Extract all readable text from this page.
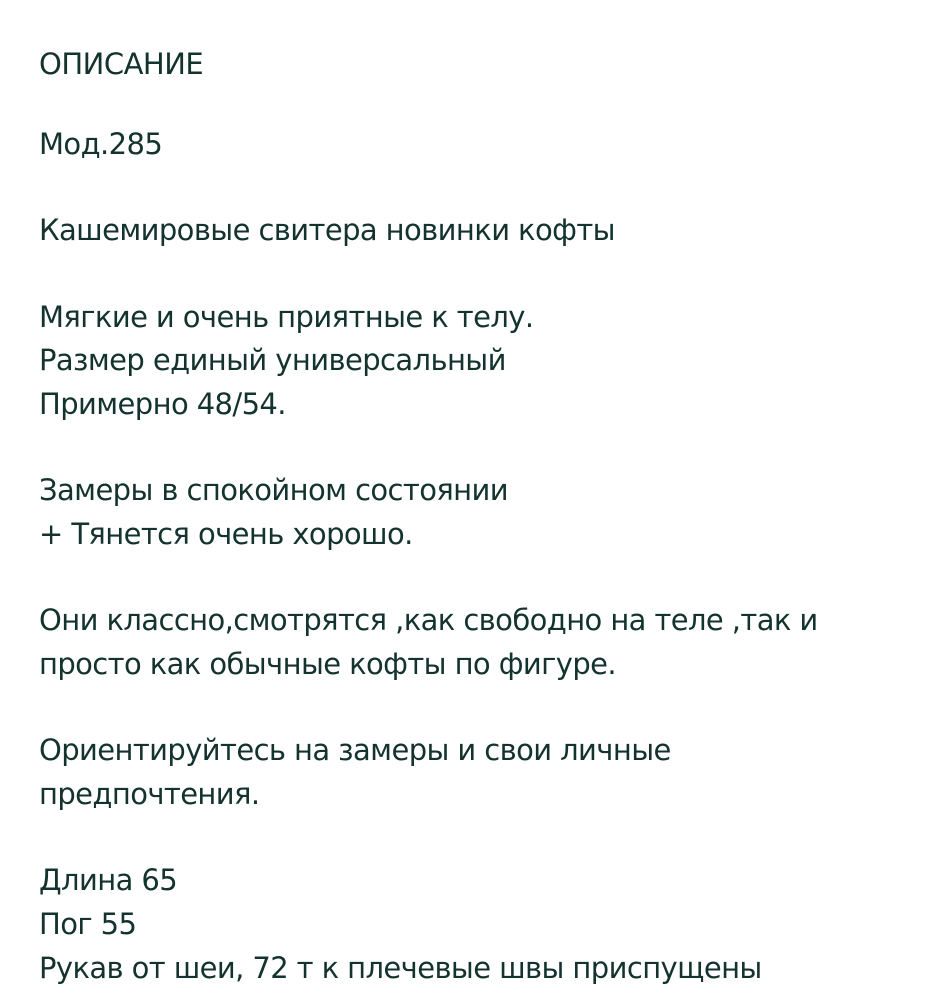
ОПИСАНИЕ
Мод.285
Кашемировые свитера новинки кофты
Мягкие и очень приятные к телу.
Размер единый универсальный
Примерно 48/54.
Замеры в спокойном состоянии
+ Тянется очень хорошо.
Они классно,смотрятся ,как свободно на теле ,так и
просто как обычные кофты по фигуре.
Ориентируйтесь на замеры и свои личные
предпочтения.
Длина 65
Пог 55
Рукав от шеи, 72 т к плечевые швы приспущены
